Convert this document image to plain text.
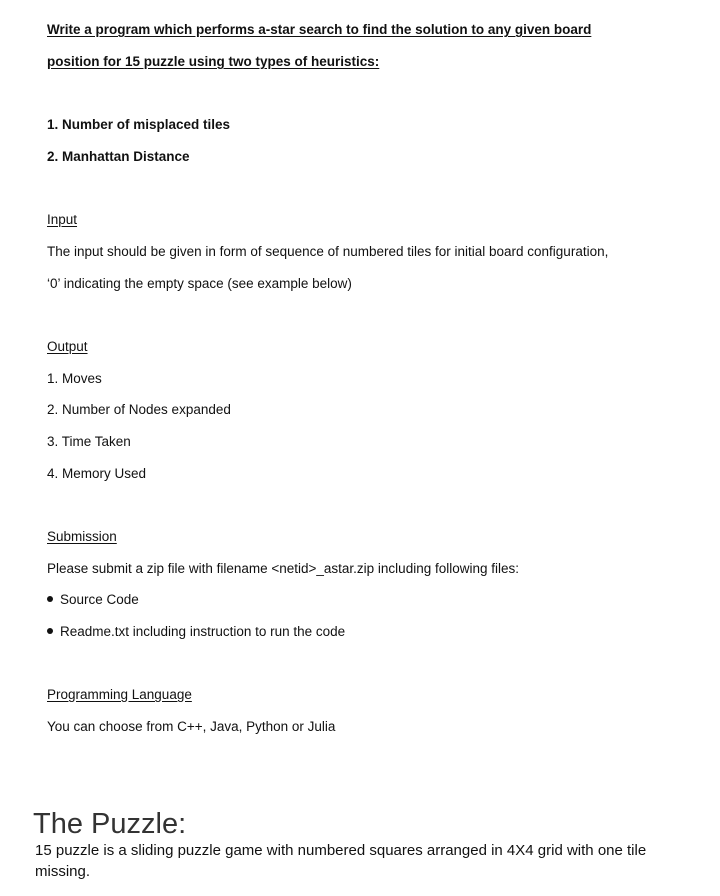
Write a program which performs a-star search to find the solution to any given board
position for 15 puzzle using two types of heuristics:
1. Number of misplaced tiles
2. Manhattan Distance
Input
The input should be given in form of sequence of numbered tiles for initial board configuration,
‘0’ indicating the empty space (see example below)
Output
1. Moves
2. Number of Nodes expanded
3. Time Taken
4. Memory Used
Submission
Please submit a zip file with filename <netid>_astar.zip including following files:
Source Code
Readme.txt including instruction to run the code
Programming Language
You can choose from C++, Java, Python or Julia
The Puzzle:

15 puzzle is a sliding puzzle game with numbered squares arranged in 4X4 grid with one tile missing.
